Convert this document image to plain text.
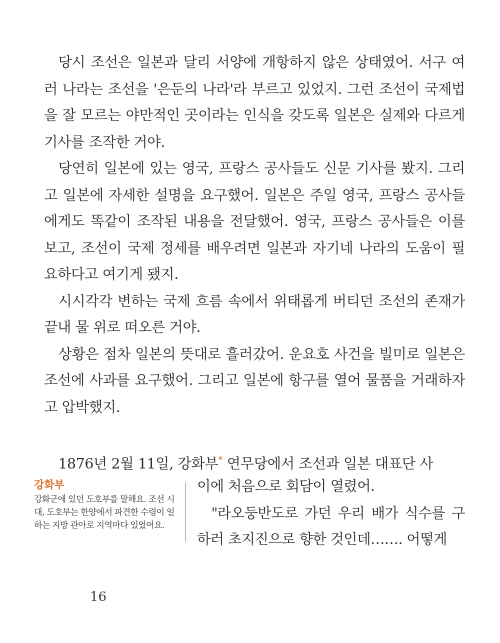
당시 조선은 일본과 달리 서양에 개항하지 않은 상태였어. 서구 여러 나라는 조선을 '은둔의 나라'라 부르고 있었지. 그런 조선이 국제법을 잘 모르는 야만적인 곳이라는 인식을 갖도록 일본은 실제와 다르게 기사를 조작한 거야.

당연히 일본에 있는 영국, 프랑스 공사들도 신문 기사를 봤지. 그리고 일본에 자세한 설명을 요구했어. 일본은 주일 영국, 프랑스 공사들에게도 똑같이 조작된 내용을 전달했어. 영국, 프랑스 공사들은 이를 보고, 조선이 국제 정세를 배우려면 일본과 자기네 나라의 도움이 필요하다고 여기게 됐지.

시시각각 변하는 국제 흐름 속에서 위태롭게 버티던 조선의 존재가 끝내 물 위로 떠오른 거야.

상황은 점차 일본의 뜻대로 흘러갔어. 운요호 사건을 빌미로 일본은 조선에 사과를 요구했어. 그리고 일본에 항구를 열어 물품을 거래하자고 압박했지.

1876년 2월 11일, 강화부* 연무당에서 조선과 일본 대표단 사

강화부

강화군에 있던 도호부를 말해요. 조선 시대, 도호부는 한양에서 파견한 수령이 일하는 지방 관아로 지역마다 있었어요.

이에 처음으로 회담이 열렸어.

"라오둥반도로 가던 우리 배가 식수를 구하러 초지진으로 향한 것인데……. 어떻게

16
